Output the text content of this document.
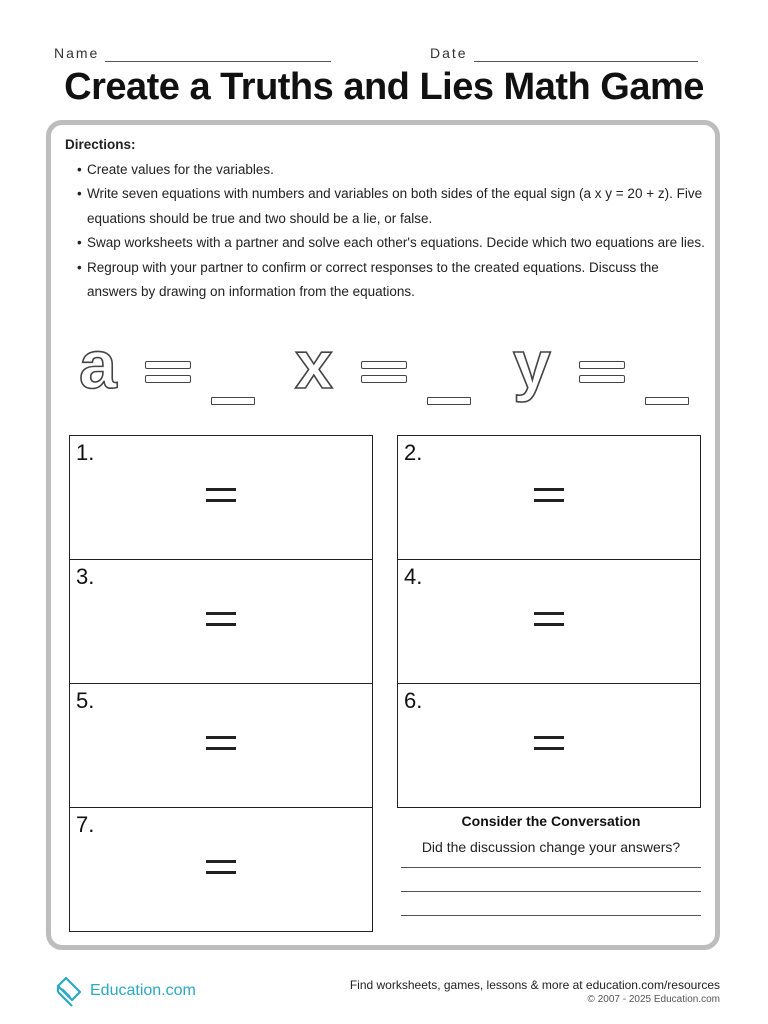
Name	Date
Create a Truths and Lies Math Game
Directions:
• Create values for the variables.
• Write seven equations with numbers and variables on both sides of the equal sign (a x y = 20 + z). Five equations should be true and two should be a lie, or false.
• Swap worksheets with a partner and solve each other's equations. Decide which two equations are lies.
• Regroup with your partner to confirm or correct responses to the created equations. Discuss the answers by drawing on information from the equations.
a	x	y
1.	2.
3.	4.
5.	6.
7.	Consider the Conversation
Did the discussion change your answers?
Education.com	Find worksheets, games, lessons & more at education.com/resources
© 2007 - 2025 Education.com
